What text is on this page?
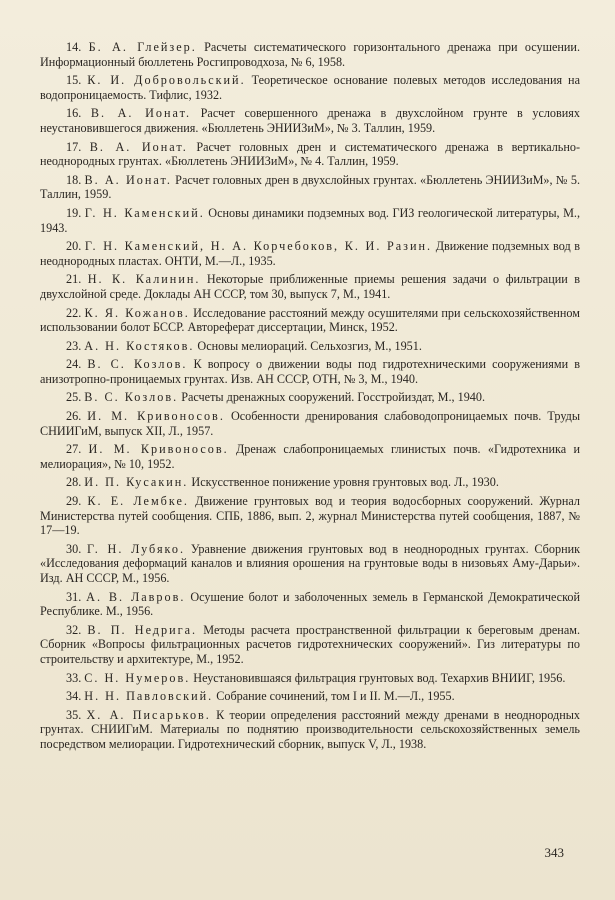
14. Б. А. Глейзер. Расчеты систематического горизонтального дренажа при осушении. Информационный бюллетень Росгипроводхоза, № 6, 1958.

15. К. И. Добровольский. Теоретическое основание полевых методов исследования на водопроницаемость. Тифлис, 1932.

16. В. А. Ионат. Расчет совершенного дренажа в двухслойном грунте в условиях неустановившегося движения. «Бюллетень ЭНИИЗиМ», № 3. Таллин, 1959.

17. В. А. Ионат. Расчет головных дрен и систематического дренажа в вертикально-неоднородных грунтах. «Бюллетень ЭНИИЗиМ», № 4. Таллин, 1959.

18. В. А. Ионат. Расчет головных дрен в двухслойных грунтах. «Бюллетень ЭНИИЗиМ», № 5. Таллин, 1959.

19. Г. Н. Каменский. Основы динамики подземных вод. ГИЗ геологической литературы, М., 1943.

20. Г. Н. Каменский, Н. А. Корчебоков, К. И. Разин. Движение подземных вод в неоднородных пластах. ОНТИ, М.—Л., 1935.

21. Н. К. Калинин. Некоторые приближенные приемы решения задачи о фильтрации в двухслойной среде. Доклады АН СССР, том 30, выпуск 7, М., 1941.

22. К. Я. Кожанов. Исследование расстояний между осушителями при сельскохозяйственном использовании болот БССР. Автореферат диссертации, Минск, 1952.

23. А. Н. Костяков. Основы мелиораций. Сельхозгиз, М., 1951.

24. В. С. Козлов. К вопросу о движении воды под гидротехническими сооружениями в анизотропно-проницаемых грунтах. Изв. АН СССР, ОТН, № 3, М., 1940.

25. В. С. Козлов. Расчеты дренажных сооружений. Госстройиздат, М., 1940.

26. И. М. Кривоносов. Особенности дренирования слабоводопроницаемых почв. Труды СНИИГиМ, выпуск XII, Л., 1957.

27. И. М. Кривоносов. Дренаж слабопроницаемых глинистых почв. «Гидротехника и мелиорация», № 10, 1952.

28. И. П. Кусакин. Искусственное понижение уровня грунтовых вод. Л., 1930.

29. К. Е. Лембке. Движение грунтовых вод и теория водосборных сооружений. Журнал Министерства путей сообщения. СПБ, 1886, вып. 2, журнал Министерства путей сообщения, 1887, № 17—19.

30. Г. Н. Лубяко. Уравнение движения грунтовых вод в неоднородных грунтах. Сборник «Исследования деформаций каналов и влияния орошения на грунтовые воды в низовьях Аму-Дарьи». Изд. АН СССР, М., 1956.

31. А. В. Лавров. Осушение болот и заболоченных земель в Германской Демократической Республике. М., 1956.

32. В. П. Недрига. Методы расчета пространственной фильтрации к береговым дренам. Сборник «Вопросы фильтрационных расчетов гидротехнических сооружений». Гиз литературы по строительству и архитектуре, М., 1952.

33. С. Н. Нумеров. Неустановившаяся фильтрация грунтовых вод. Техархив ВНИИГ, 1956.

34. Н. Н. Павловский. Собрание сочинений, том I и II. М.—Л., 1955.

35. Х. А. Писарьков. К теории определения расстояний между дренами в неоднородных грунтах. СНИИГиМ. Материалы по поднятию производительности сельскохозяйственных земель посредством мелиорации. Гидротехнический сборник, выпуск V, Л., 1938.

343
